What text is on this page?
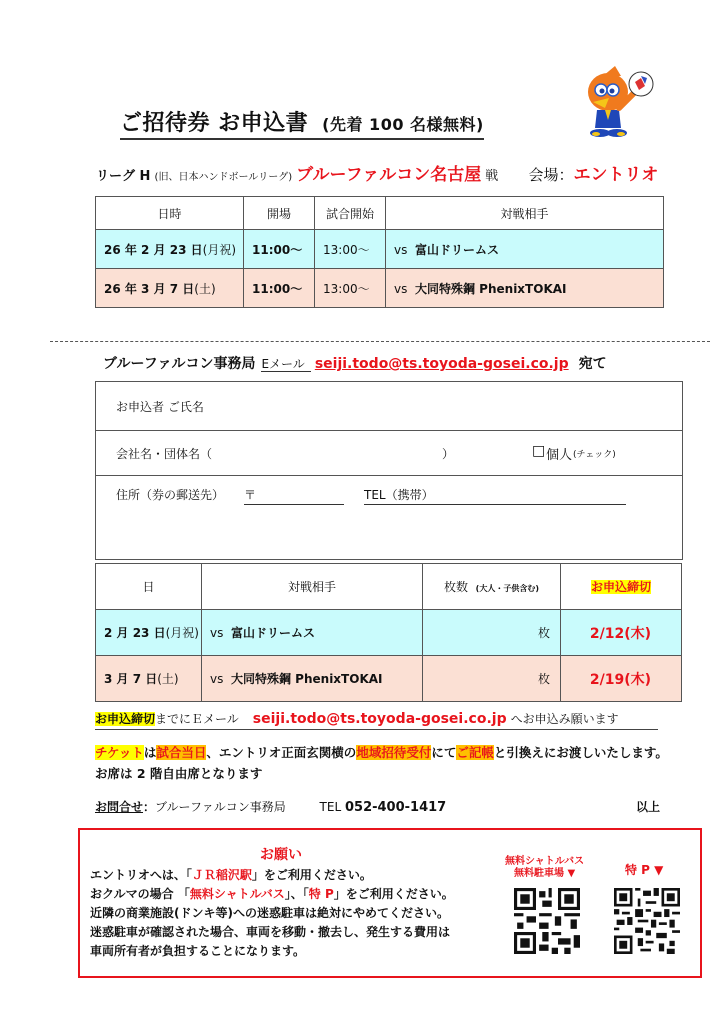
ご招待券 お申込書 (先着 100 名様無料)
リーグ H (旧、日本ハンドボールリーグ) ブルーファルコン名古屋 戦 会場：エントリオ
日時	開場	試合開始	対戦相手
26 年 2 月 23 日(月祝)	11:00～	13:00～	vs 富山ドリームス
26 年 3 月 7 日(土)	11:00～	13:00～	vs 大同特殊鋼 PhenixTOKAI
ブルーファルコン事務局 Eメール seiji.todo@ts.toyoda-gosei.co.jp 宛て
お申込者 ご氏名
会社名・団体名（	）	□ 個人 (チェック)
住所（券の郵送先） 〒	TEL（携帯）
日	対戦相手	枚数 (大人・子供含む)	お申込締切
2 月 23 日(月祝)	vs 富山ドリームス	枚	2/12(木)
3 月 7 日(土)	vs 大同特殊鋼 PhenixTOKAI	枚	2/19(木)
お申込締切までにＥメール seiji.todo@ts.toyoda-gosei.co.jp へお申込み願います
チケットは試合当日、エントリオ正面玄関横の地域招待受付にてご記帳と引換えにお渡しいたします。お席は 2 階自由席となります
お問合せ：ブルーファルコン事務局	TEL 052-400-1417	以上
お願い
エントリオへは、「ＪＲ稲沢駅」をご利用ください。
おクルマの場合 「無料シャトルバス」、「特 P」をご利用ください。
近隣の商業施設(ドンキ等)への迷惑駐車は絶対にやめてください。
迷惑駐車が確認された場合、車両を移動・撤去し、発生する費用は
車両所有者が負担することになります。
無料シャトルバス
無料駐車場 ▼	特 P ▼
